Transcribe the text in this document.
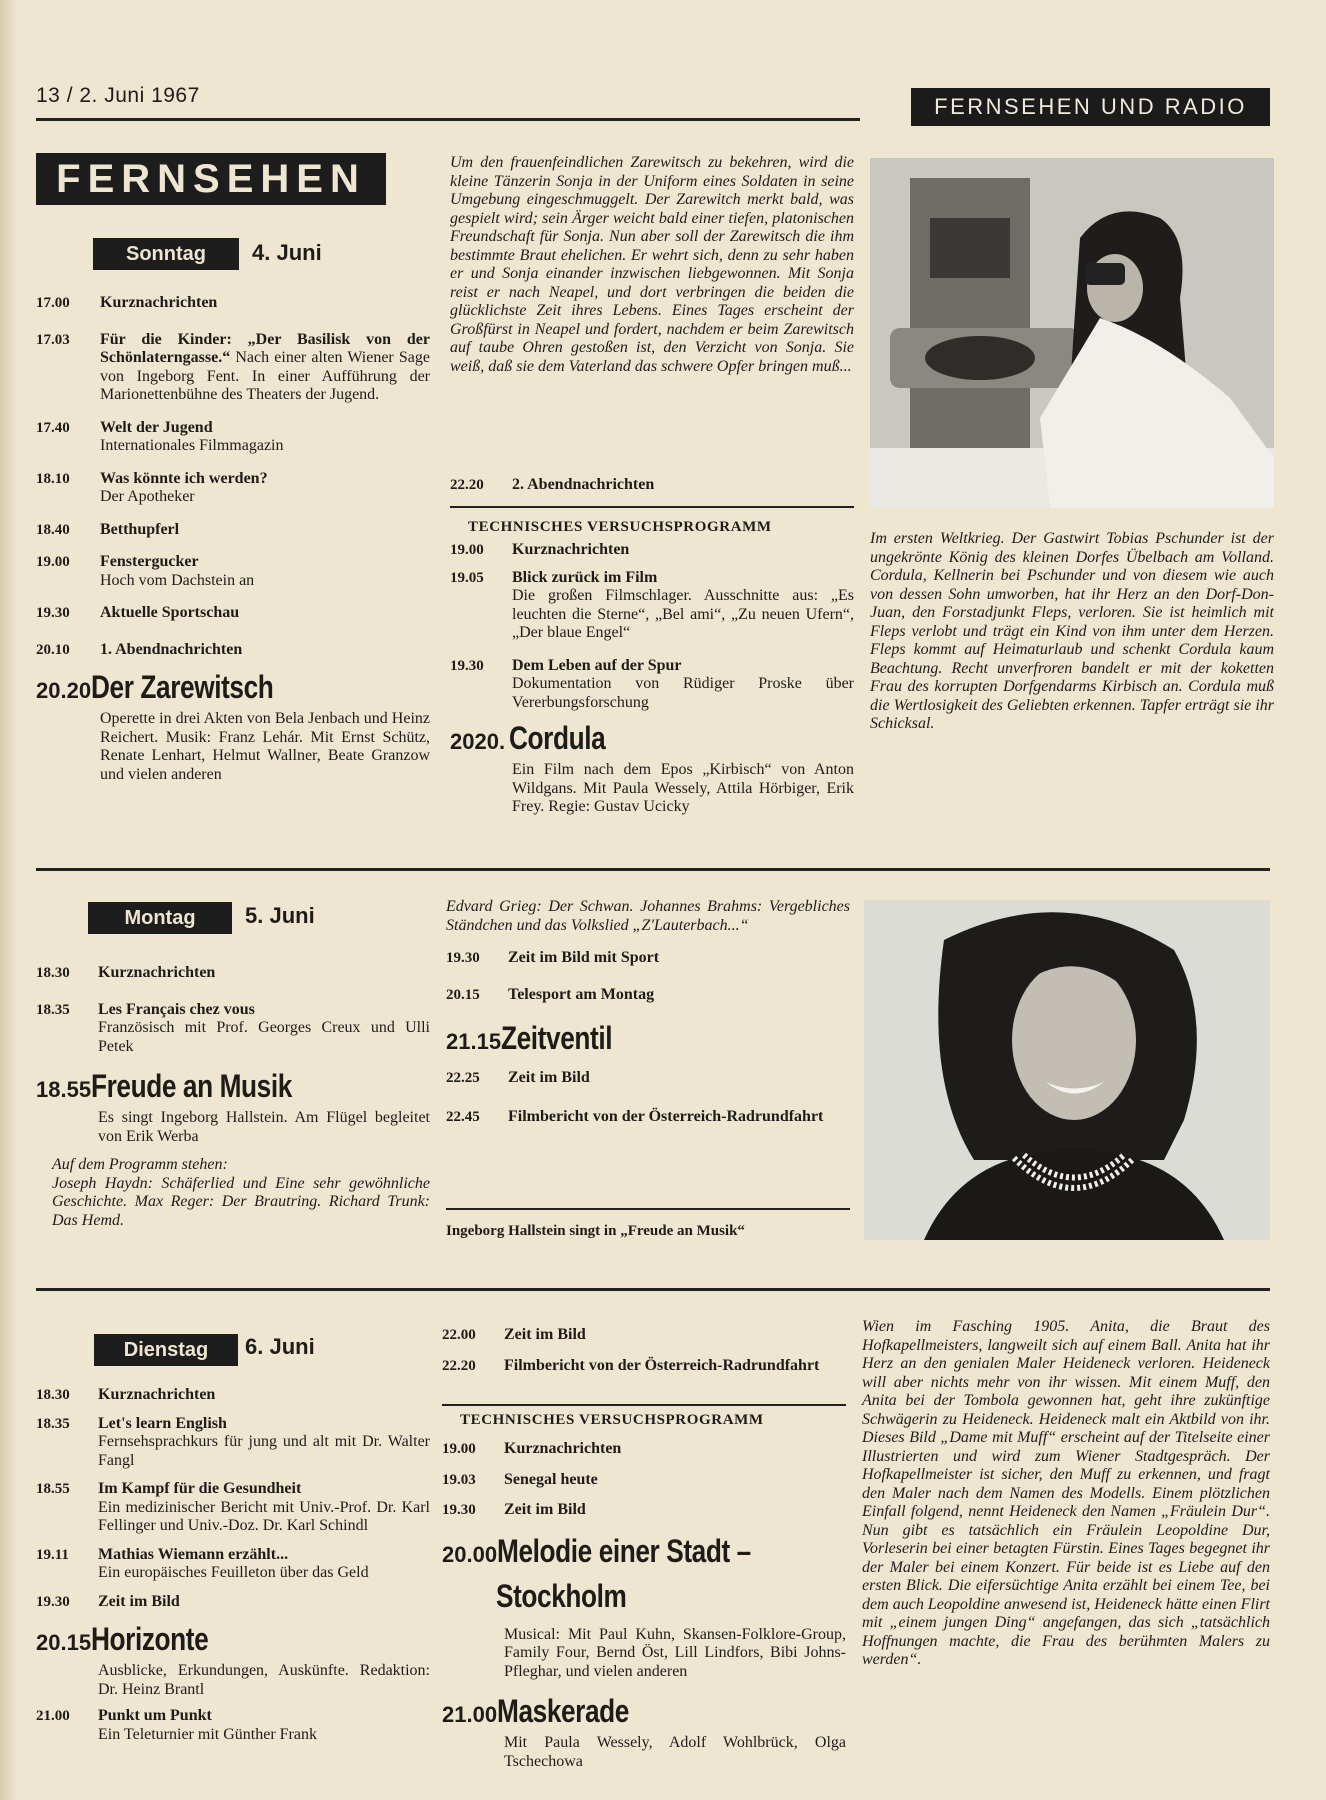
13 / 2. Juni 1967	FERNSEHEN UND RADIO
FERNSEHEN
Sonntag	4. Juni
17.00 Kurznachrichten
17.03 Für die Kinder: „Der Basilisk von der Schönlaterngasse.“ Nach einer alten Wiener Sage von Ingeborg Fent. In einer Aufführung der Marionettenbühne des Theaters der Jugend.
17.40 Welt der Jugend
Internationales Filmmagazin
18.10 Was könnte ich werden?
Der Apotheker
18.40 Betthupferl
19.00 Fenstergucker
Hoch vom Dachstein an
19.30 Aktuelle Sportschau
20.10 1. Abendnachrichten
20.20Der Zarewitsch
Operette in drei Akten von Bela Jenbach und Heinz Reichert. Musik: Franz Lehár. Mit Ernst Schütz, Renate Lenhart, Helmut Wallner, Beate Granzow und vielen anderen
Um den frauenfeindlichen Zarewitsch zu bekehren, wird die kleine Tänzerin Sonja in der Uniform eines Soldaten in seine Umgebung eingeschmuggelt. Der Zarewitch merkt bald, was gespielt wird; sein Ärger weicht bald einer tiefen, platonischen Freundschaft für Sonja. Nun aber soll der Zarewitsch die ihm bestimmte Braut ehelichen. Er wehrt sich, denn zu sehr haben er und Sonja einander inzwischen liebgewonnen. Mit Sonja reist er nach Neapel, und dort verbringen die beiden die glücklichste Zeit ihres Lebens. Eines Tages erscheint der Großfürst in Neapel und fordert, nachdem er beim Zarewitsch auf taube Ohren gestoßen ist, den Verzicht von Sonja. Sie weiß, daß sie dem Vaterland das schwere Opfer bringen muß...
22.20 2. Abendnachrichten
TECHNISCHES VERSUCHSPROGRAMM
19.00 Kurznachrichten
19.05 Blick zurück im Film
Die großen Filmschlager. Ausschnitte aus: „Es leuchten die Sterne“, „Bel ami“, „Zu neuen Ufern“, „Der blaue Engel“
19.30 Dem Leben auf der Spur
Dokumentation von Rüdiger Proske über Vererbungsforschung
2020. Cordula
Ein Film nach dem Epos „Kirbisch“ von Anton Wildgans. Mit Paula Wessely, Attila Hörbiger, Erik Frey. Regie: Gustav Ucicky
Im ersten Weltkrieg. Der Gastwirt Tobias Pschunder ist der ungekrönte König des kleinen Dorfes Übelbach am Volland. Cordula, Kellnerin bei Pschunder und von diesem wie auch von dessen Sohn umworben, hat ihr Herz an den Dorf-Don-Juan, den Forstadjunkt Fleps, verloren. Sie ist heimlich mit Fleps verlobt und trägt ein Kind von ihm unter dem Herzen. Fleps kommt auf Heimaturlaub und schenkt Cordula kaum Beachtung. Recht unverfroren bandelt er mit der koketten Frau des korrupten Dorfgendarms Kirbisch an. Cordula muß die Wertlosigkeit des Geliebten erkennen. Tapfer erträgt sie ihr Schicksal.
Montag	5. Juni
18.30 Kurznachrichten
18.35 Les Français chez vous
Französisch mit Prof. Georges Creux und Ulli Petek
18.55Freude an Musik
Es singt Ingeborg Hallstein. Am Flügel begleitet von Erik Werba
Auf dem Programm stehen:
Joseph Haydn: Schäferlied und Eine sehr gewöhnliche Geschichte. Max Reger: Der Brautring. Richard Trunk: Das Hemd.
Edvard Grieg: Der Schwan. Johannes Brahms: Vergebliches Ständchen und das Volkslied „Z'Lauterbach...“
19.30 Zeit im Bild mit Sport
20.15 Telesport am Montag
21.15Zeitventil
22.25 Zeit im Bild
22.45 Filmbericht von der Österreich-Radrundfahrt
Ingeborg Hallstein singt in „Freude an Musik“
Dienstag	6. Juni
18.30 Kurznachrichten
18.35 Let's learn English
Fernsehsprachkurs für jung und alt mit Dr. Walter Fangl
18.55 Im Kampf für die Gesundheit
Ein medizinischer Bericht mit Univ.-Prof. Dr. Karl Fellinger und Univ.-Doz. Dr. Karl Schindl
19.11 Mathias Wiemann erzählt...
Ein europäisches Feuilleton über das Geld
19.30 Zeit im Bild
20.15Horizonte
Ausblicke, Erkundungen, Auskünfte. Redaktion: Dr. Heinz Brantl
21.00 Punkt um Punkt
Ein Teleturnier mit Günther Frank
22.00 Zeit im Bild
22.20 Filmbericht von der Österreich-Radrundfahrt
TECHNISCHES VERSUCHSPROGRAMM
19.00 Kurznachrichten
19.03 Senegal heute
19.30 Zeit im Bild
20.00Melodie einer Stadt –
Stockholm
Musical: Mit Paul Kuhn, Skansen-Folklore-Group, Family Four, Bernd Öst, Lill Lindfors, Bibi Johns-Pfleghar, und vielen anderen
21.00Maskerade
Mit Paula Wessely, Adolf Wohlbrück, Olga Tschechowa
Wien im Fasching 1905. Anita, die Braut des Hofkapellmeisters, langweilt sich auf einem Ball. Anita hat ihr Herz an den genialen Maler Heideneck verloren. Heideneck will aber nichts mehr von ihr wissen. Mit einem Muff, den Anita bei der Tombola gewonnen hat, geht ihre zukünftige Schwägerin zu Heideneck. Heideneck malt ein Aktbild von ihr. Dieses Bild „Dame mit Muff“ erscheint auf der Titelseite einer Illustrierten und wird zum Wiener Stadtgespräch. Der Hofkapellmeister ist sicher, den Muff zu erkennen, und fragt den Maler nach dem Namen des Modells. Einem plötzlichen Einfall folgend, nennt Heideneck den Namen „Fräulein Dur“. Nun gibt es tatsächlich ein Fräulein Leopoldine Dur, Vorleserin bei einer betagten Fürstin. Eines Tages begegnet ihr der Maler bei einem Konzert. Für beide ist es Liebe auf den ersten Blick. Die eifersüchtige Anita erzählt bei einem Tee, bei dem auch Leopoldine anwesend ist, Heideneck hätte einen Flirt mit „einem jungen Ding“ angefangen, das sich „tatsächlich Hoffnungen machte, die Frau des berühmten Malers zu werden“.
